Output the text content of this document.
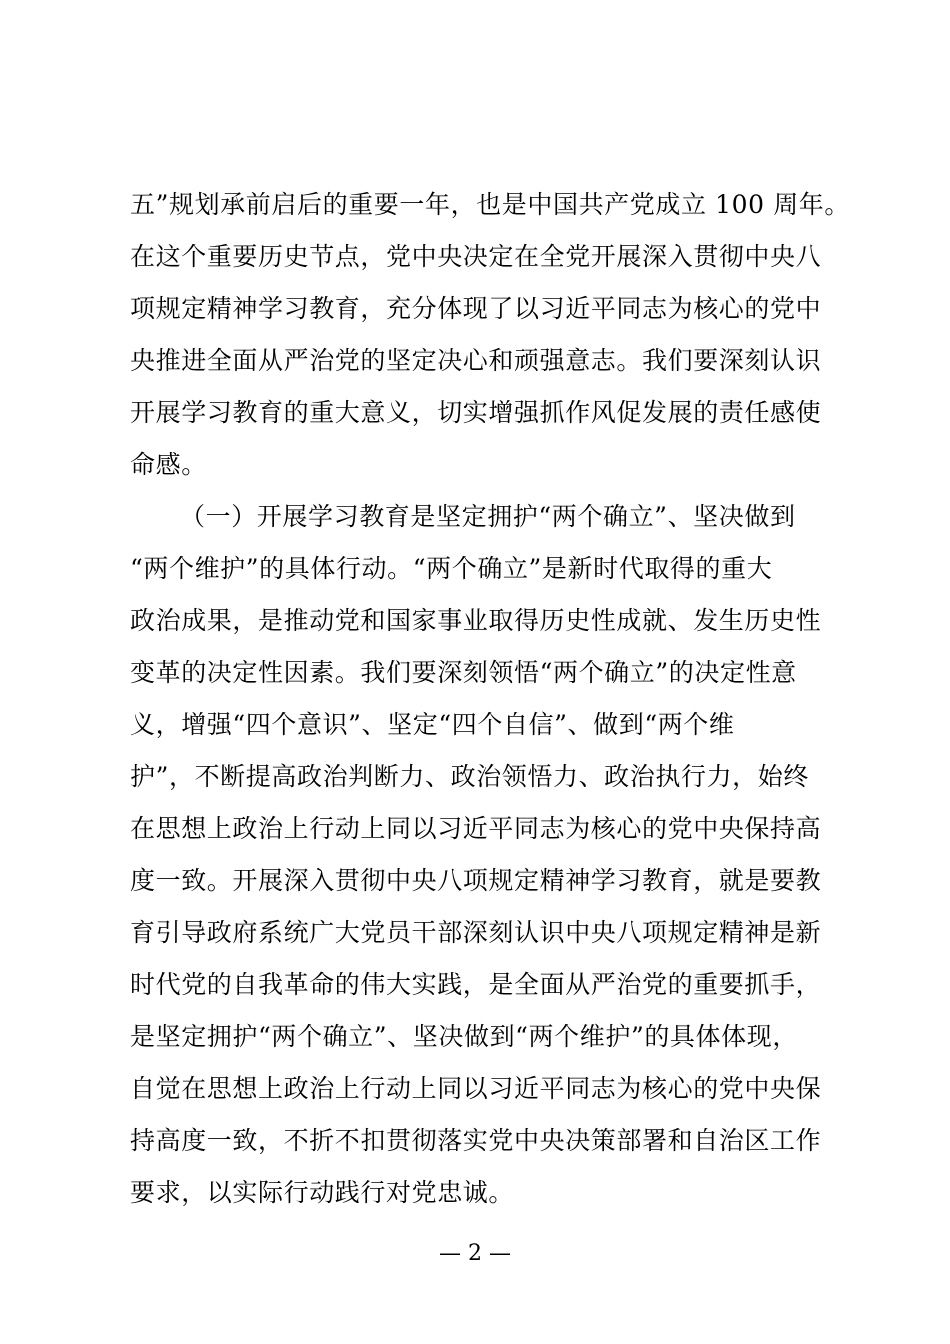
五”规划承前启后的重要一年，也是中国共产党成立 100 周年。
在这个重要历史节点，党中央决定在全党开展深入贯彻中央八
项规定精神学习教育，充分体现了以习近平同志为核心的党中
央推进全面从严治党的坚定决心和顽强意志。我们要深刻认识
开展学习教育的重大意义，切实增强抓作风促发展的责任感使
命感。
（一）开展学习教育是坚定拥护“两个确立”、坚决做到
“两个维护”的具体行动。“两个确立”是新时代取得的重大
政治成果，是推动党和国家事业取得历史性成就、发生历史性
变革的决定性因素。我们要深刻领悟“两个确立”的决定性意
义，增强“四个意识”、坚定“四个自信”、做到“两个维
护”，不断提高政治判断力、政治领悟力、政治执行力，始终
在思想上政治上行动上同以习近平同志为核心的党中央保持高
度一致。开展深入贯彻中央八项规定精神学习教育，就是要教
育引导政府系统广大党员干部深刻认识中央八项规定精神是新
时代党的自我革命的伟大实践，是全面从严治党的重要抓手，
是坚定拥护“两个确立”、坚决做到“两个维护”的具体体现，
自觉在思想上政治上行动上同以习近平同志为核心的党中央保
持高度一致，不折不扣贯彻落实党中央决策部署和自治区工作
要求，以实际行动践行对党忠诚。
— 2 —
